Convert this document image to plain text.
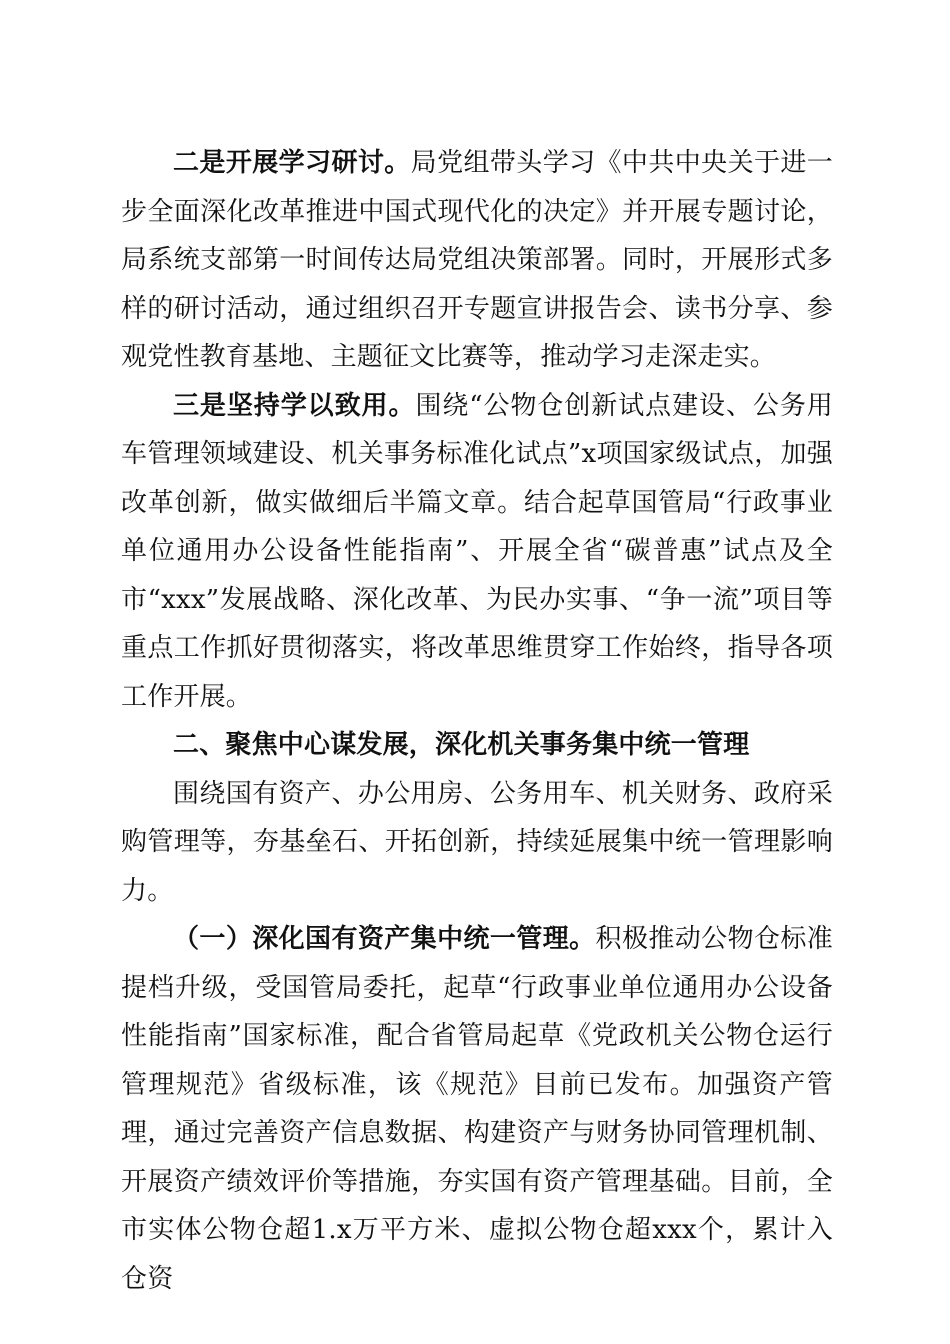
二是开展学习研讨。局党组带头学习《中共中央关于进一步全面深化改革推进中国式现代化的决定》并开展专题讨论，局系统支部第一时间传达局党组决策部署。同时，开展形式多样的研讨活动，通过组织召开专题宣讲报告会、读书分享、参观党性教育基地、主题征文比赛等，推动学习走深走实。

三是坚持学以致用。围绕“公物仓创新试点建设、公务用车管理领域建设、机关事务标准化试点”x项国家级试点，加强改革创新，做实做细后半篇文章。结合起草国管局“行政事业单位通用办公设备性能指南”、开展全省“碳普惠”试点及全市“xxx”发展战略、深化改革、为民办实事、“争一流”项目等重点工作抓好贯彻落实，将改革思维贯穿工作始终，指导各项工作开展。

二、聚焦中心谋发展，深化机关事务集中统一管理

围绕国有资产、办公用房、公务用车、机关财务、政府采购管理等，夯基垒石、开拓创新，持续延展集中统一管理影响力。

（一）深化国有资产集中统一管理。积极推动公物仓标准提档升级，受国管局委托，起草“行政事业单位通用办公设备性能指南”国家标准，配合省管局起草《党政机关公物仓运行管理规范》省级标准，该《规范》目前已发布。加强资产管理，通过完善资产信息数据、构建资产与财务协同管理机制、开展资产绩效评价等措施，夯实国有资产管理基础。目前，全市实体公物仓超1.x万平方米、虚拟公物仓超xxx个，累计入仓资
